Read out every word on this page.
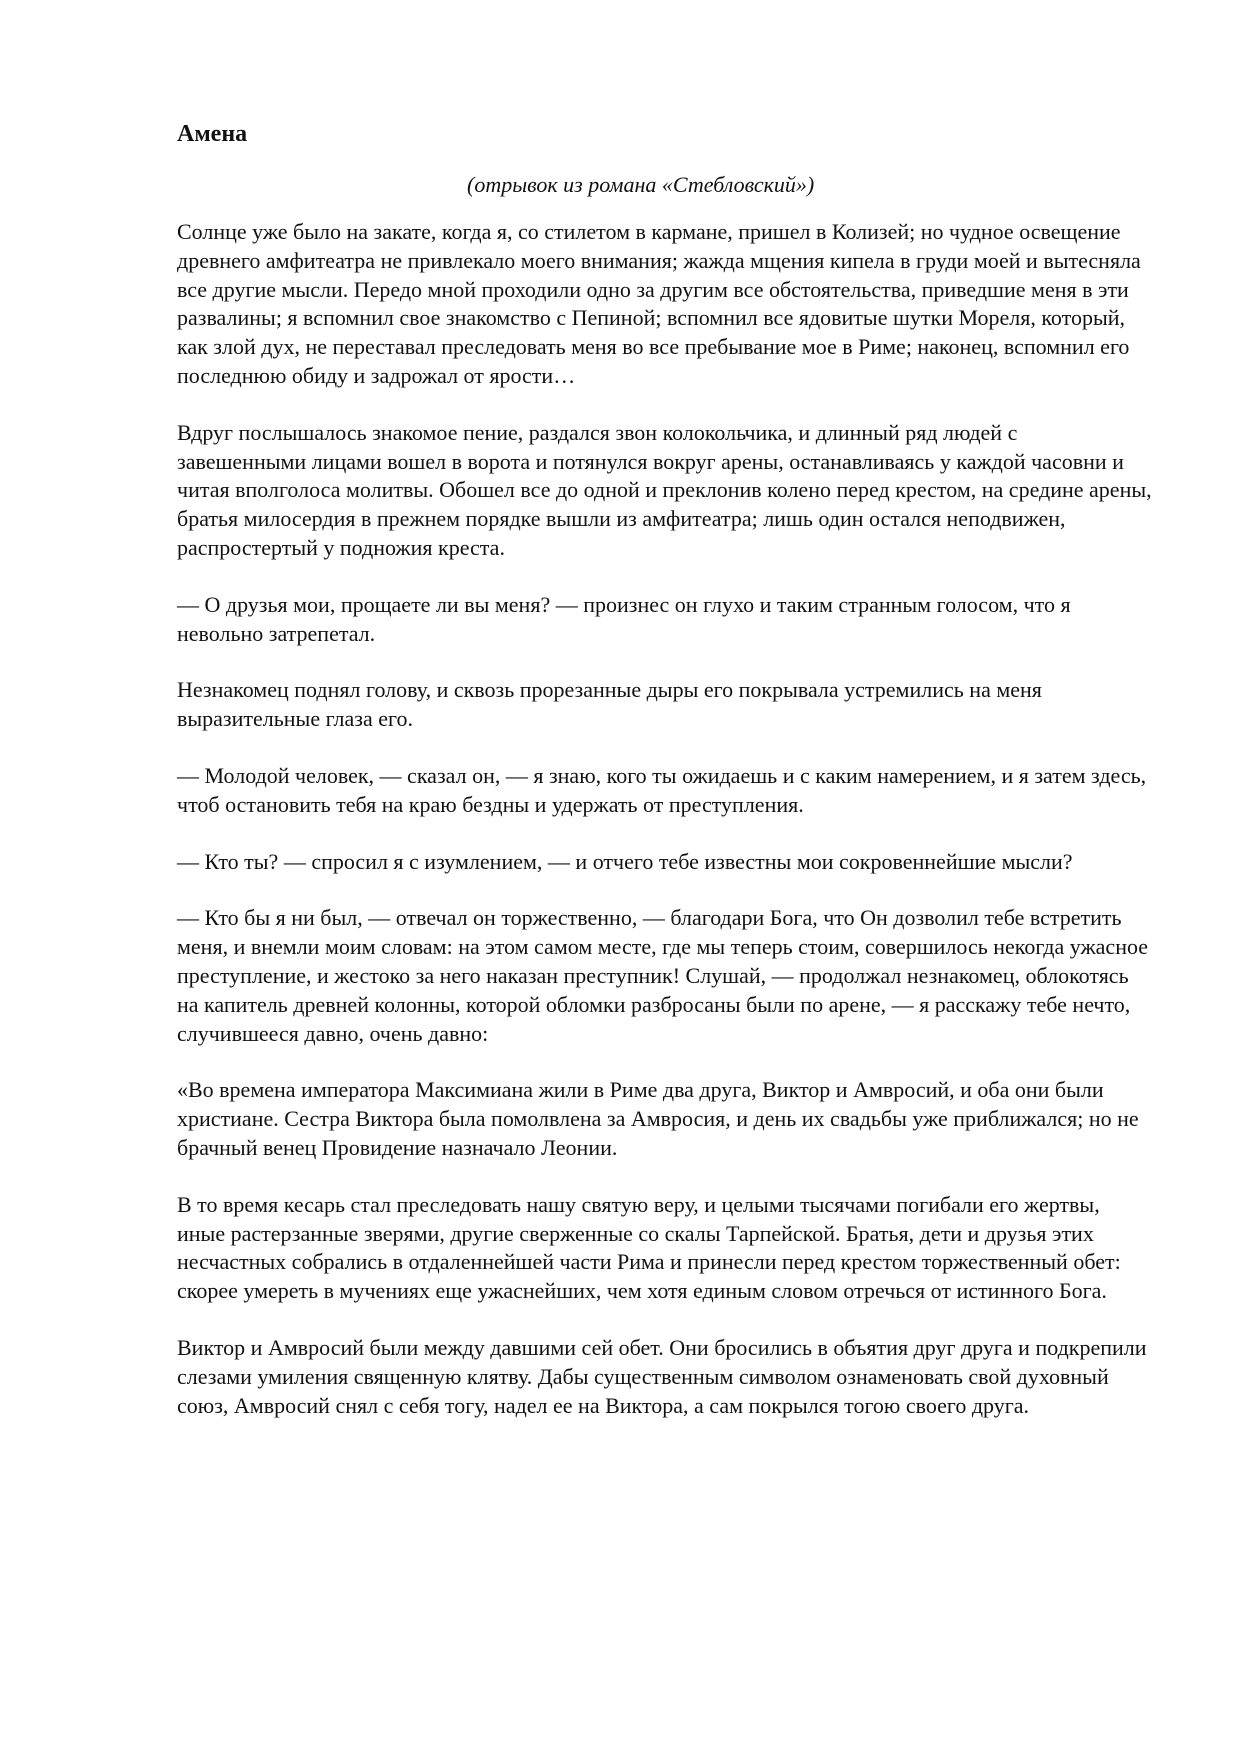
Амена

(отрывок из романа «Стебловский»)

Солнце уже было на закате, когда я, со стилетом в кармане, пришел в Колизей; но чудное освещение древнего амфитеатра не привлекало моего внимания; жажда мщения кипела в груди моей и вытесняла все другие мысли. Передо мной проходили одно за другим все обстоятельства, приведшие меня в эти развалины; я вспомнил свое знакомство с Пепиной; вспомнил все ядовитые шутки Мореля, который, как злой дух, не переставал преследовать меня во все пребывание мое в Риме; наконец, вспомнил его последнюю обиду и задрожал от ярости…

Вдруг послышалось знакомое пение, раздался звон колокольчика, и длинный ряд людей с завешенными лицами вошел в ворота и потянулся вокруг арены, останавливаясь у каждой часовни и читая вполголоса молитвы. Обошел все до одной и преклонив колено перед крестом, на средине арены, братья милосердия в прежнем порядке вышли из амфитеатра; лишь один остался неподвижен, распростертый у подножия креста.

— О друзья мои, прощаете ли вы меня? — произнес он глухо и таким странным голосом, что я невольно затрепетал.

Незнакомец поднял голову, и сквозь прорезанные дыры его покрывала устремились на меня выразительные глаза его.

— Молодой человек, — сказал он, — я знаю, кого ты ожидаешь и с каким намерением, и я затем здесь, чтоб остановить тебя на краю бездны и удержать от преступления.

— Кто ты? — спросил я с изумлением, — и отчего тебе известны мои сокровеннейшие мысли?

— Кто бы я ни был, — отвечал он торжественно, — благодари Бога, что Он дозволил тебе встретить меня, и внемли моим словам: на этом самом месте, где мы теперь стоим, совершилось некогда ужасное преступление, и жестоко за него наказан преступник! Слушай, — продолжал незнакомец, облокотясь на капитель древней колонны, которой обломки разбросаны были по арене, — я расскажу тебе нечто, случившееся давно, очень давно:

«Во времена императора Максимиана жили в Риме два друга, Виктор и Амвросий, и оба они были христиане. Сестра Виктора была помолвлена за Амвросия, и день их свадьбы уже приближался; но не брачный венец Провидение назначало Леонии.

В то время кесарь стал преследовать нашу святую веру, и целыми тысячами погибали его жертвы, иные растерзанные зверями, другие сверженные со скалы Тарпейской. Братья, дети и друзья этих несчастных собрались в отдаленнейшей части Рима и принесли перед крестом торжественный обет: скорее умереть в мучениях еще ужаснейших, чем хотя единым словом отречься от истинного Бога.

Виктор и Амвросий были между давшими сей обет. Они бросились в объятия друг друга и подкрепили слезами умиления священную клятву. Дабы существенным символом ознаменовать свой духовный союз, Амвросий снял с себя тогу, надел ее на Виктора, а сам покрылся тогою своего друга.
